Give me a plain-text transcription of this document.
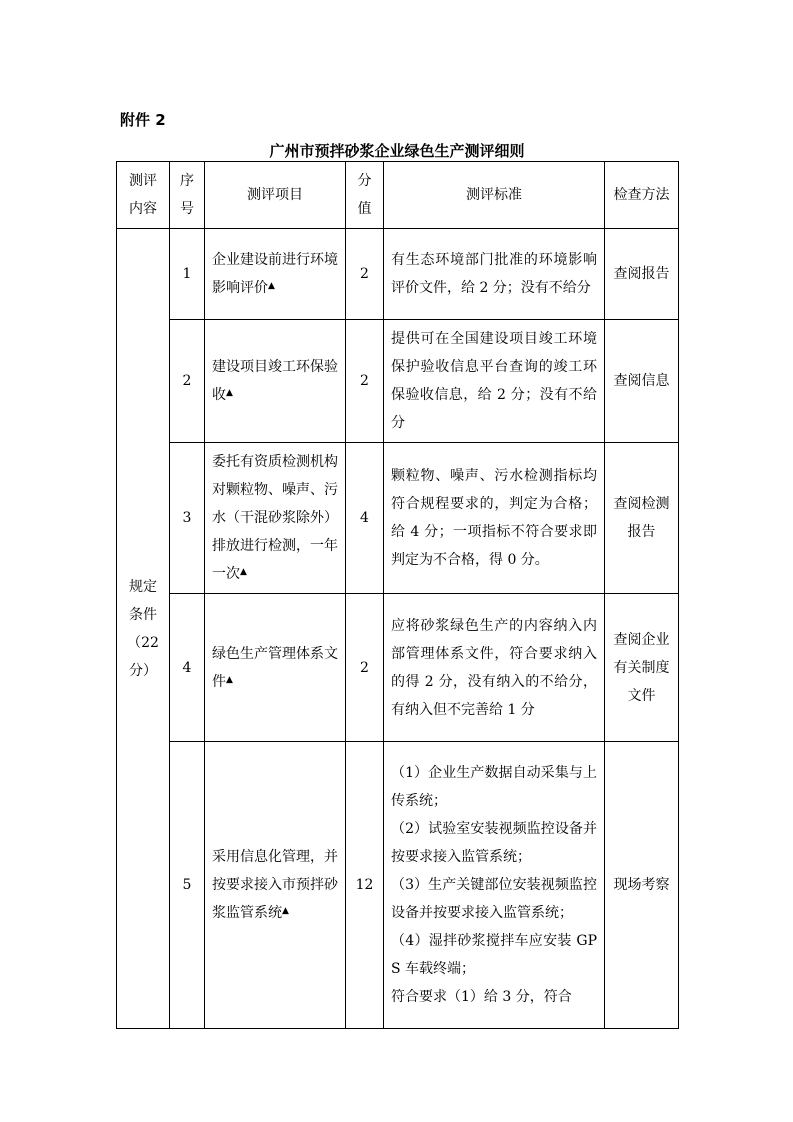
附件 2
广州市预拌砂浆企业绿色生产测评细则
测评内容	序号	测评项目	分值	测评标准	检查方法
规定条件（22 分）	1	企业建设前进行环境影响评价▲	2	有生态环境部门批准的环境影响评价文件，给 2 分；没有不给分	查阅报告
	2	建设项目竣工环保验收▲	2	提供可在全国建设项目竣工环境保护验收信息平台查询的竣工环保验收信息，给 2 分；没有不给分	查阅信息
	3	委托有资质检测机构对颗粒物、噪声、污水（干混砂浆除外）排放进行检测，一年一次▲	4	颗粒物、噪声、污水检测指标均符合规程要求的，判定为合格；给 4 分；一项指标不符合要求即判定为不合格，得 0 分。	查阅检测报告
	4	绿色生产管理体系文件▲	2	应将砂浆绿色生产的内容纳入内部管理体系文件，符合要求纳入的得 2 分，没有纳入的不给分，有纳入但不完善给 1 分	查阅企业有关制度文件
	5	采用信息化管理，并按要求接入市预拌砂浆监管系统▲	12	（1）企业生产数据自动采集与上传系统；
（2）试验室安装视频监控设备并按要求接入监管系统；
（3）生产关键部位安装视频监控设备并按要求接入监管系统；
（4）湿拌砂浆搅拌车应安装 GPS 车载终端；
符合要求（1）给 3 分，符合	现场考察
